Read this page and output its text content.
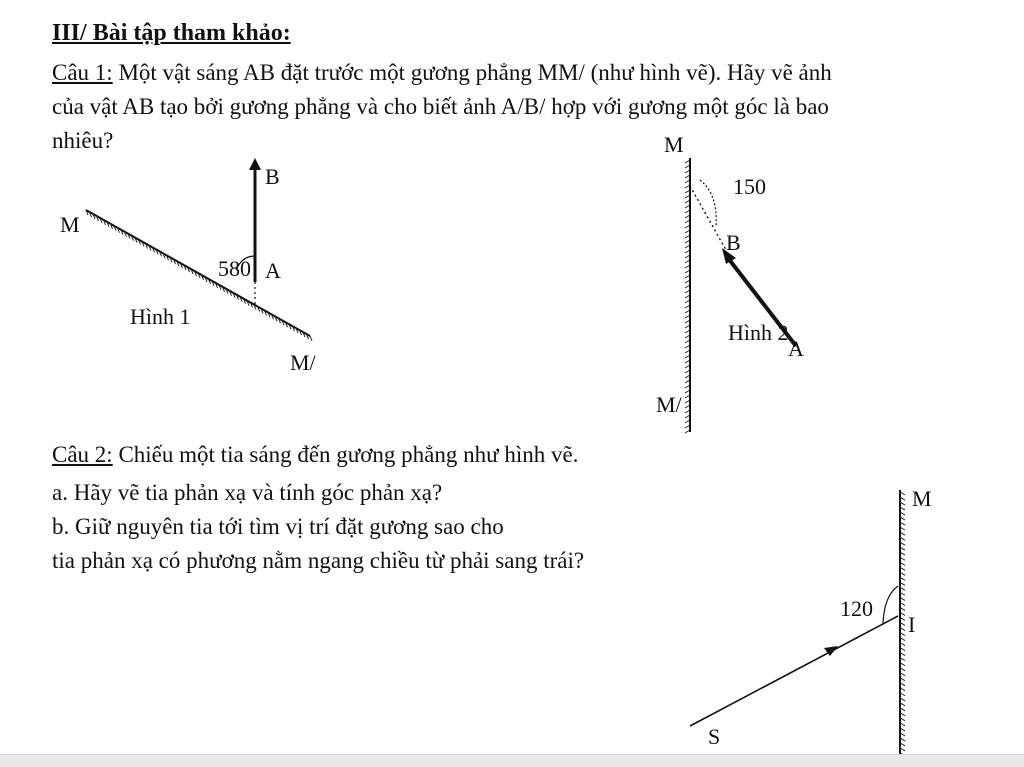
III/ Bài tập tham khảo:
Câu 1: Một vật sáng AB đặt trước một gương phẳng MM/ (như hình vẽ). Hãy vẽ ảnh
của vật AB tạo bởi gương phẳng và cho biết ảnh A/B/ hợp với gương một góc là bao
nhiêu?
Câu 2: Chiếu một tia sáng đến gương phẳng như hình vẽ.
a. Hãy vẽ tia phản xạ và tính góc phản xạ?
b. Giữ nguyên tia tới tìm vị trí đặt gương sao cho
tia phản xạ có phương nằm ngang chiều từ phải sang trái?
B
M
580 A
Hình 1
M/
M
150
B
Hình 2
A
M/
M
120
I
S
